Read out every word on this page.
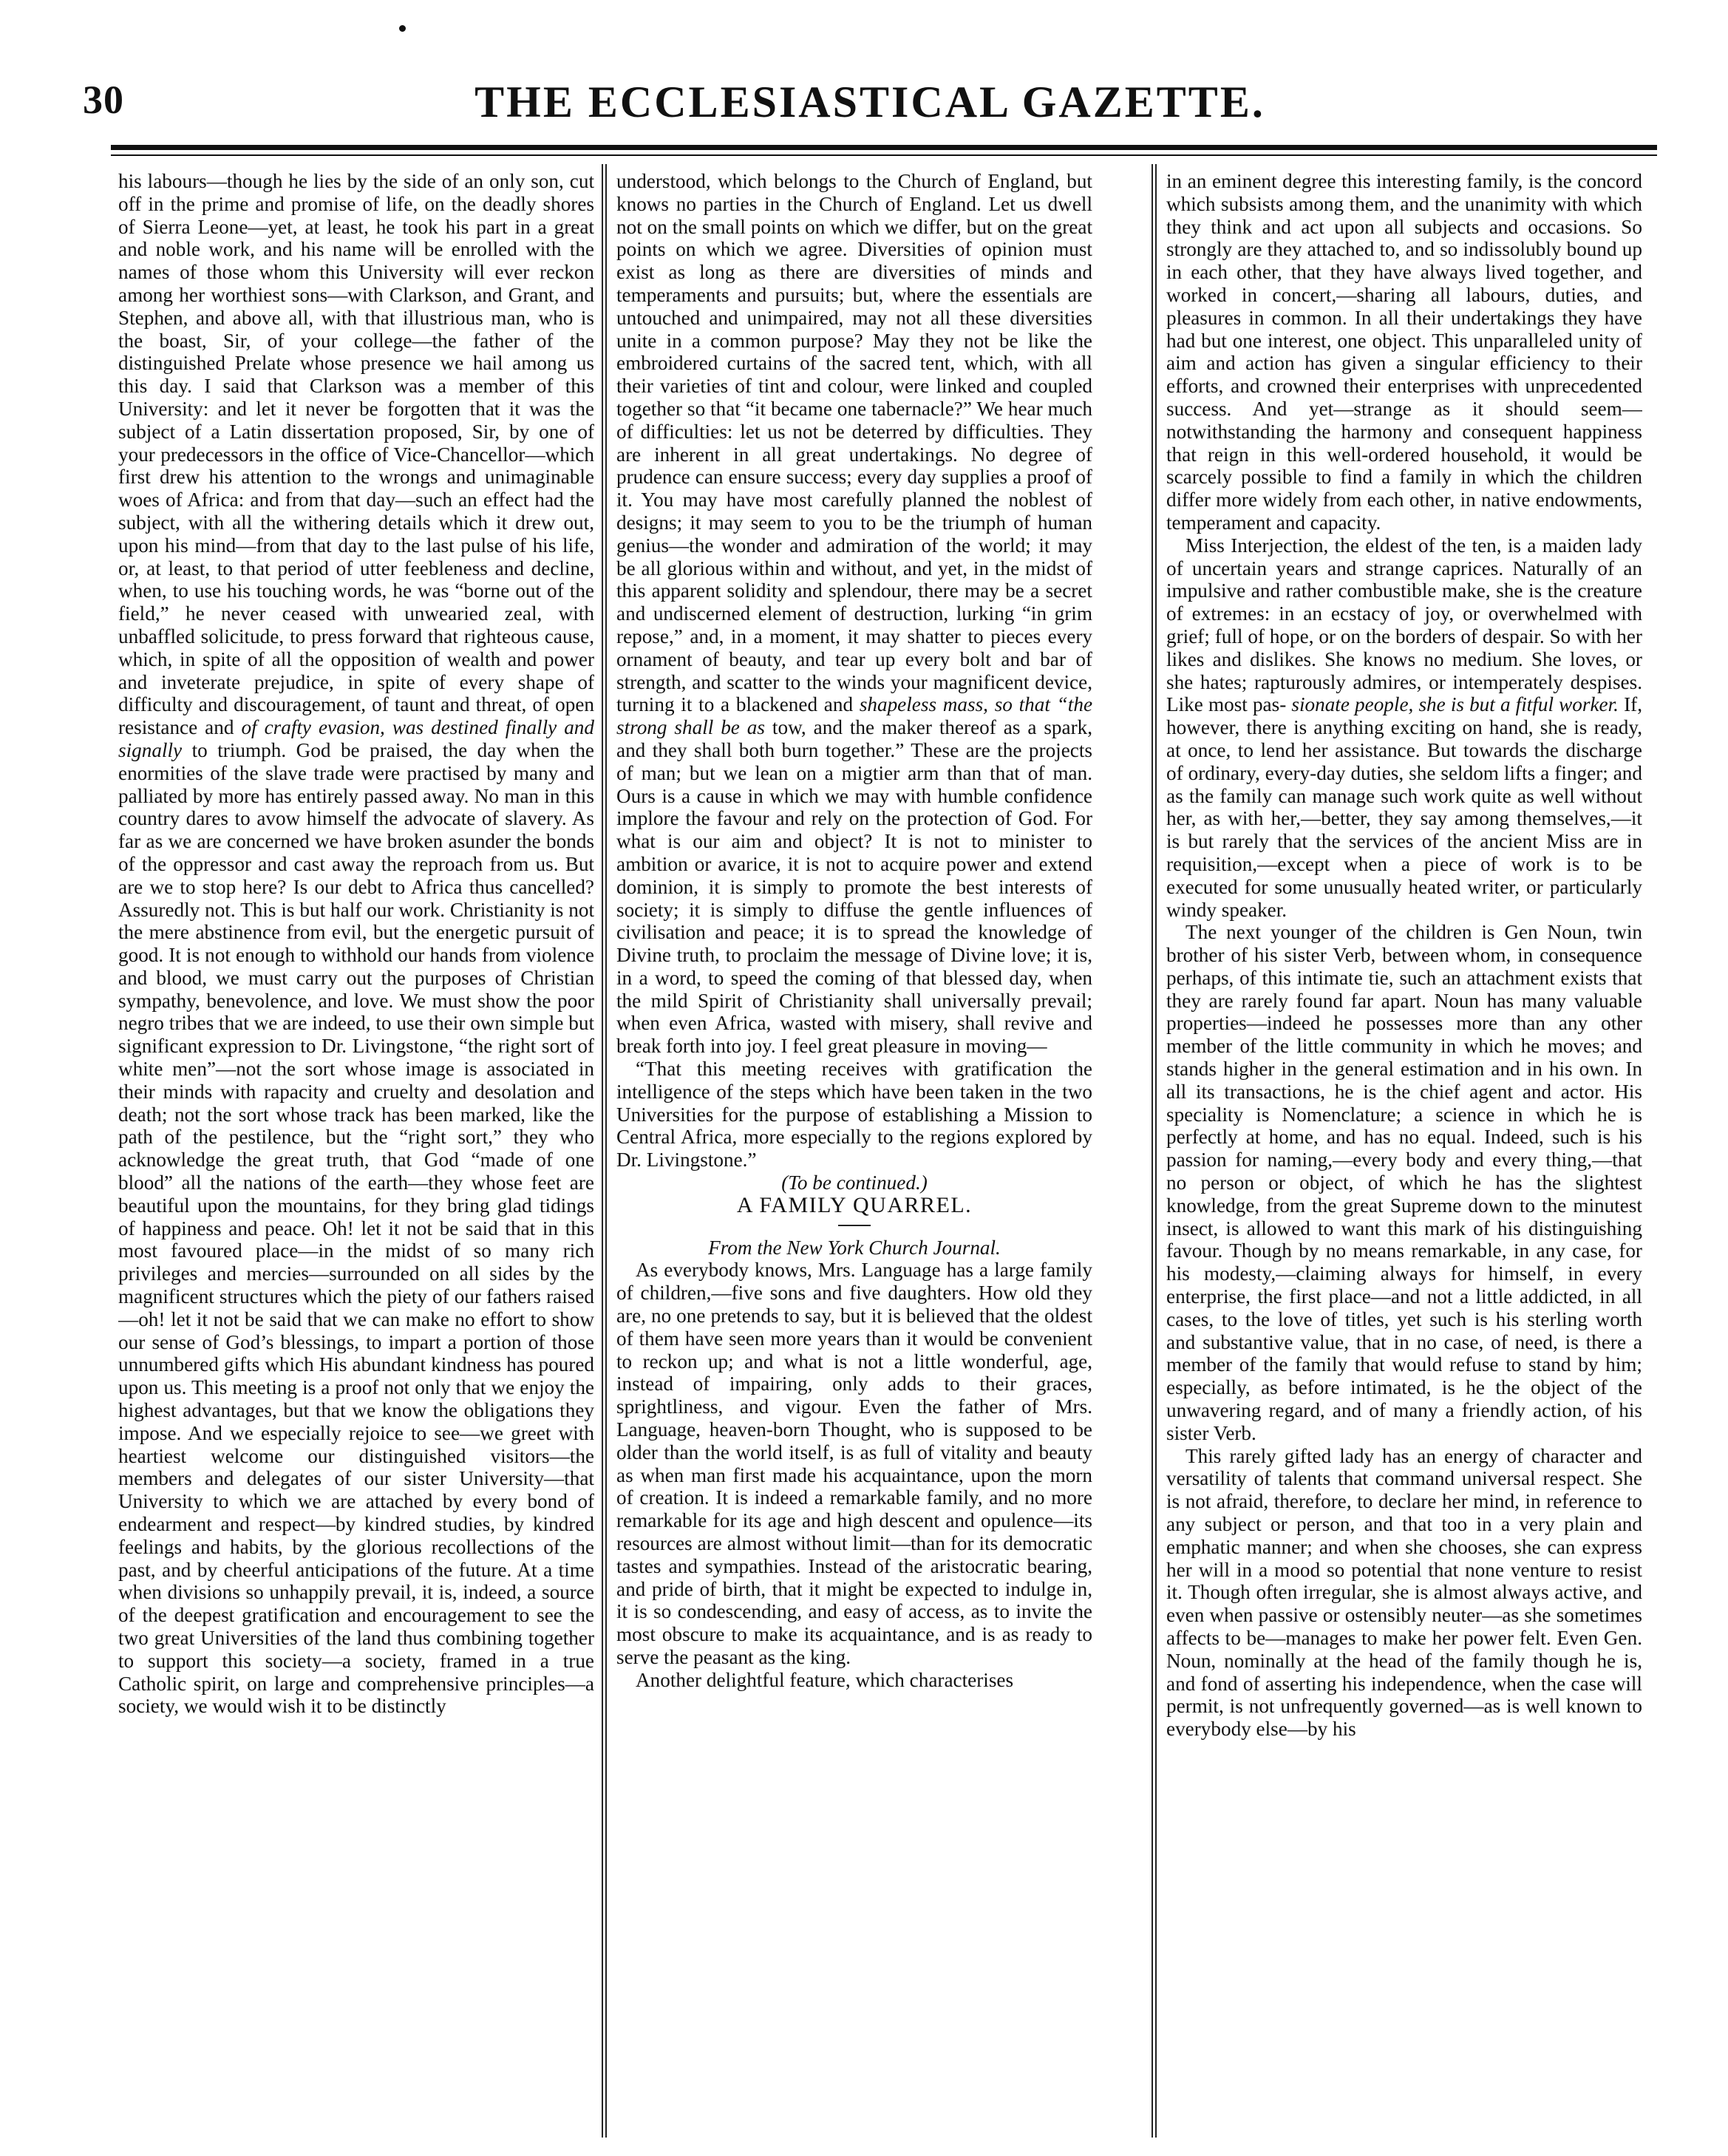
30	THE ECCLESIASTICAL GAZETTE.

his labours—though he lies by the side of an only son, cut off in the prime and promise of life, on the deadly shores of Sierra Leone—yet, at least, he took his part in a great and noble work, and his name will be enrolled with the names of those whom this University will ever reckon among her worthiest sons—with Clarkson, and Grant, and Stephen, and above all, with that illustrious man, who is the boast, Sir, of your college—the father of the distinguished Prelate whose presence we hail among us this day. I said that Clarkson was a member of this University: and let it never be forgotten that it was the subject of a Latin dissertation proposed, Sir, by one of your predecessors in the office of Vice-Chancellor—which first drew his attention to the wrongs and unimaginable woes of Africa: and from that day—such an effect had the subject, with all the withering details which it drew out, upon his mind—from that day to the last pulse of his life, or, at least, to that period of utter feebleness and decline, when, to use his touching words, he was “borne out of the field,” he never ceased with unwearied zeal, with unbaffled solicitude, to press forward that righteous cause, which, in spite of all the opposition of wealth and power and inveterate prejudice, in spite of every shape of difficulty and discouragement, of taunt and threat, of open resistance and of crafty evasion, was destined finally and signally to triumph. God be praised, the day when the enormities of the slave trade were practised by many and palliated by more has entirely passed away. No man in this country dares to avow himself the advocate of slavery. As far as we are concerned we have broken asunder the bonds of the oppressor and cast away the reproach from us. But are we to stop here? Is our debt to Africa thus cancelled? Assuredly not. This is but half our work. Christianity is not the mere abstinence from evil, but the energetic pursuit of good. It is not enough to withhold our hands from violence and blood, we must carry out the purposes of Christian sympathy, benevolence, and love. We must show the poor negro tribes that we are indeed, to use their own simple but significant expression to Dr. Livingstone, “the right sort of white men”—not the sort whose image is associated in their minds with rapacity and cruelty and desolation and death; not the sort whose track has been marked, like the path of the pestilence, but the “right sort,” they who acknowledge the great truth, that God “made of one blood” all the nations of the earth—they whose feet are beautiful upon the mountains, for they bring glad tidings of happiness and peace. Oh! let it not be said that in this most favoured place—in the midst of so many rich privileges and mercies—surrounded on all sides by the magnificent structures which the piety of our fathers raised—oh! let it not be said that we can make no effort to show our sense of God’s blessings, to impart a portion of those unnumbered gifts which His abundant kindness has poured upon us. This meeting is a proof not only that we enjoy the highest advantages, but that we know the obligations they impose. And we especially rejoice to see—we greet with heartiest welcome our distinguished visitors—the members and delegates of our sister University—that University to which we are attached by every bond of endearment and respect—by kindred studies, by kindred feelings and habits, by the glorious recollections of the past, and by cheerful anticipations of the future. At a time when divisions so unhappily prevail, it is, indeed, a source of the deepest gratification and encouragement to see the two great Universities of the land thus combining together to support this society—a society, framed in a true Catholic spirit, on large and comprehensive principles—a society, we would wish it to be distinctly

understood, which belongs to the Church of England, but knows no parties in the Church of England. Let us dwell not on the small points on which we differ, but on the great points on which we agree. Diversities of opinion must exist as long as there are diversities of minds and temperaments and pursuits; but, where the essentials are untouched and unimpaired, may not all these diversities unite in a common purpose? May they not be like the embroidered curtains of the sacred tent, which, with all their varieties of tint and colour, were linked and coupled together so that “it became one tabernacle?” We hear much of difficulties: let us not be deterred by difficulties. They are inherent in all great undertakings. No degree of prudence can ensure success; every day supplies a proof of it. You may have most carefully planned the noblest of designs; it may seem to you to be the triumph of human genius—the wonder and admiration of the world; it may be all glorious within and without, and yet, in the midst of this apparent solidity and splendour, there may be a secret and undiscerned element of destruction, lurking “in grim repose,” and, in a moment, it may shatter to pieces every ornament of beauty, and tear up every bolt and bar of strength, and scatter to the winds your magnificent device, turning it to a blackened and shapeless mass, so that “the strong shall be as tow, and the maker thereof as a spark, and they shall both burn together.” These are the projects of man; but we lean on a migtier arm than that of man. Ours is a cause in which we may with humble confidence implore the favour and rely on the protection of God. For what is our aim and object? It is not to minister to ambition or avarice, it is not to acquire power and extend dominion, it is simply to promote the best interests of society; it is simply to diffuse the gentle influences of civilisation and peace; it is to spread the knowledge of Divine truth, to proclaim the message of Divine love; it is, in a word, to speed the coming of that blessed day, when the mild Spirit of Christianity shall universally prevail; when even Africa, wasted with misery, shall revive and break forth into joy. I feel great pleasure in moving—

“That this meeting receives with gratification the intelligence of the steps which have been taken in the two Universities for the purpose of establishing a Mission to Central Africa, more especially to the regions explored by Dr. Livingstone.”

(To be continued.)

A FAMILY QUARREL.

From the New York Church Journal.

As everybody knows, Mrs. Language has a large family of children,—five sons and five daughters. How old they are, no one pretends to say, but it is believed that the oldest of them have seen more years than it would be convenient to reckon up; and what is not a little wonderful, age, instead of impairing, only adds to their graces, sprightliness, and vigour. Even the father of Mrs. Language, heaven-born Thought, who is supposed to be older than the world itself, is as full of vitality and beauty as when man first made his acquaintance, upon the morn of creation. It is indeed a remarkable family, and no more remarkable for its age and high descent and opulence—its resources are almost without limit—than for its democratic tastes and sympathies. Instead of the aristocratic bearing, and pride of birth, that it might be expected to indulge in, it is so condescending, and easy of access, as to invite the most obscure to make its acquaintance, and is as ready to serve the peasant as the king.

Another delightful feature, which characterises

in an eminent degree this interesting family, is the concord which subsists among them, and the unanimity with which they think and act upon all subjects and occasions. So strongly are they attached to, and so indissolubly bound up in each other, that they have always lived together, and worked in concert,—sharing all labours, duties, and pleasures in common. In all their undertakings they have had but one interest, one object. This unparalleled unity of aim and action has given a singular efficiency to their efforts, and crowned their enterprises with unprecedented success. And yet—strange as it should seem—notwithstanding the harmony and consequent happiness that reign in this well-ordered household, it would be scarcely possible to find a family in which the children differ more widely from each other, in native endowments, temperament and capacity.

Miss Interjection, the eldest of the ten, is a maiden lady of uncertain years and strange caprices. Naturally of an impulsive and rather combustible make, she is the creature of extremes: in an ecstacy of joy, or overwhelmed with grief; full of hope, or on the borders of despair. So with her likes and dislikes. She knows no medium. She loves, or she hates; rapturously admires, or intemperately despises. Like most pas- sionate people, she is but a fitful worker. If, however, there is anything exciting on hand, she is ready, at once, to lend her assistance. But towards the discharge of ordinary, every-day duties, she seldom lifts a finger; and as the family can manage such work quite as well without her, as with her,—better, they say among themselves,—it is but rarely that the services of the ancient Miss are in requisition,—except when a piece of work is to be executed for some unusually heated writer, or particularly windy speaker.

The next younger of the children is Gen Noun, twin brother of his sister Verb, between whom, in consequence perhaps, of this intimate tie, such an attachment exists that they are rarely found far apart. Noun has many valuable properties—indeed he possesses more than any other member of the little community in which he moves; and stands higher in the general estimation and in his own. In all its transactions, he is the chief agent and actor. His speciality is Nomenclature; a science in which he is perfectly at home, and has no equal. Indeed, such is his passion for naming,—every body and every thing,—that no person or object, of which he has the slightest knowledge, from the great Supreme down to the minutest insect, is allowed to want this mark of his distinguishing favour. Though by no means remarkable, in any case, for his modesty,—claiming always for himself, in every enterprise, the first place—and not a little addicted, in all cases, to the love of titles, yet such is his sterling worth and substantive value, that in no case, of need, is there a member of the family that would refuse to stand by him; especially, as before intimated, is he the object of the unwavering regard, and of many a friendly action, of his sister Verb.

This rarely gifted lady has an energy of character and versatility of talents that command universal respect. She is not afraid, therefore, to declare her mind, in reference to any subject or person, and that too in a very plain and emphatic manner; and when she chooses, she can express her will in a mood so potential that none venture to resist it. Though often irregular, she is almost always active, and even when passive or ostensibly neuter—as she sometimes affects to be—manages to make her power felt. Even Gen. Noun, nominally at the head of the family though he is, and fond of asserting his independence, when the case will permit, is not unfrequently governed—as is well known to everybody else—by his
